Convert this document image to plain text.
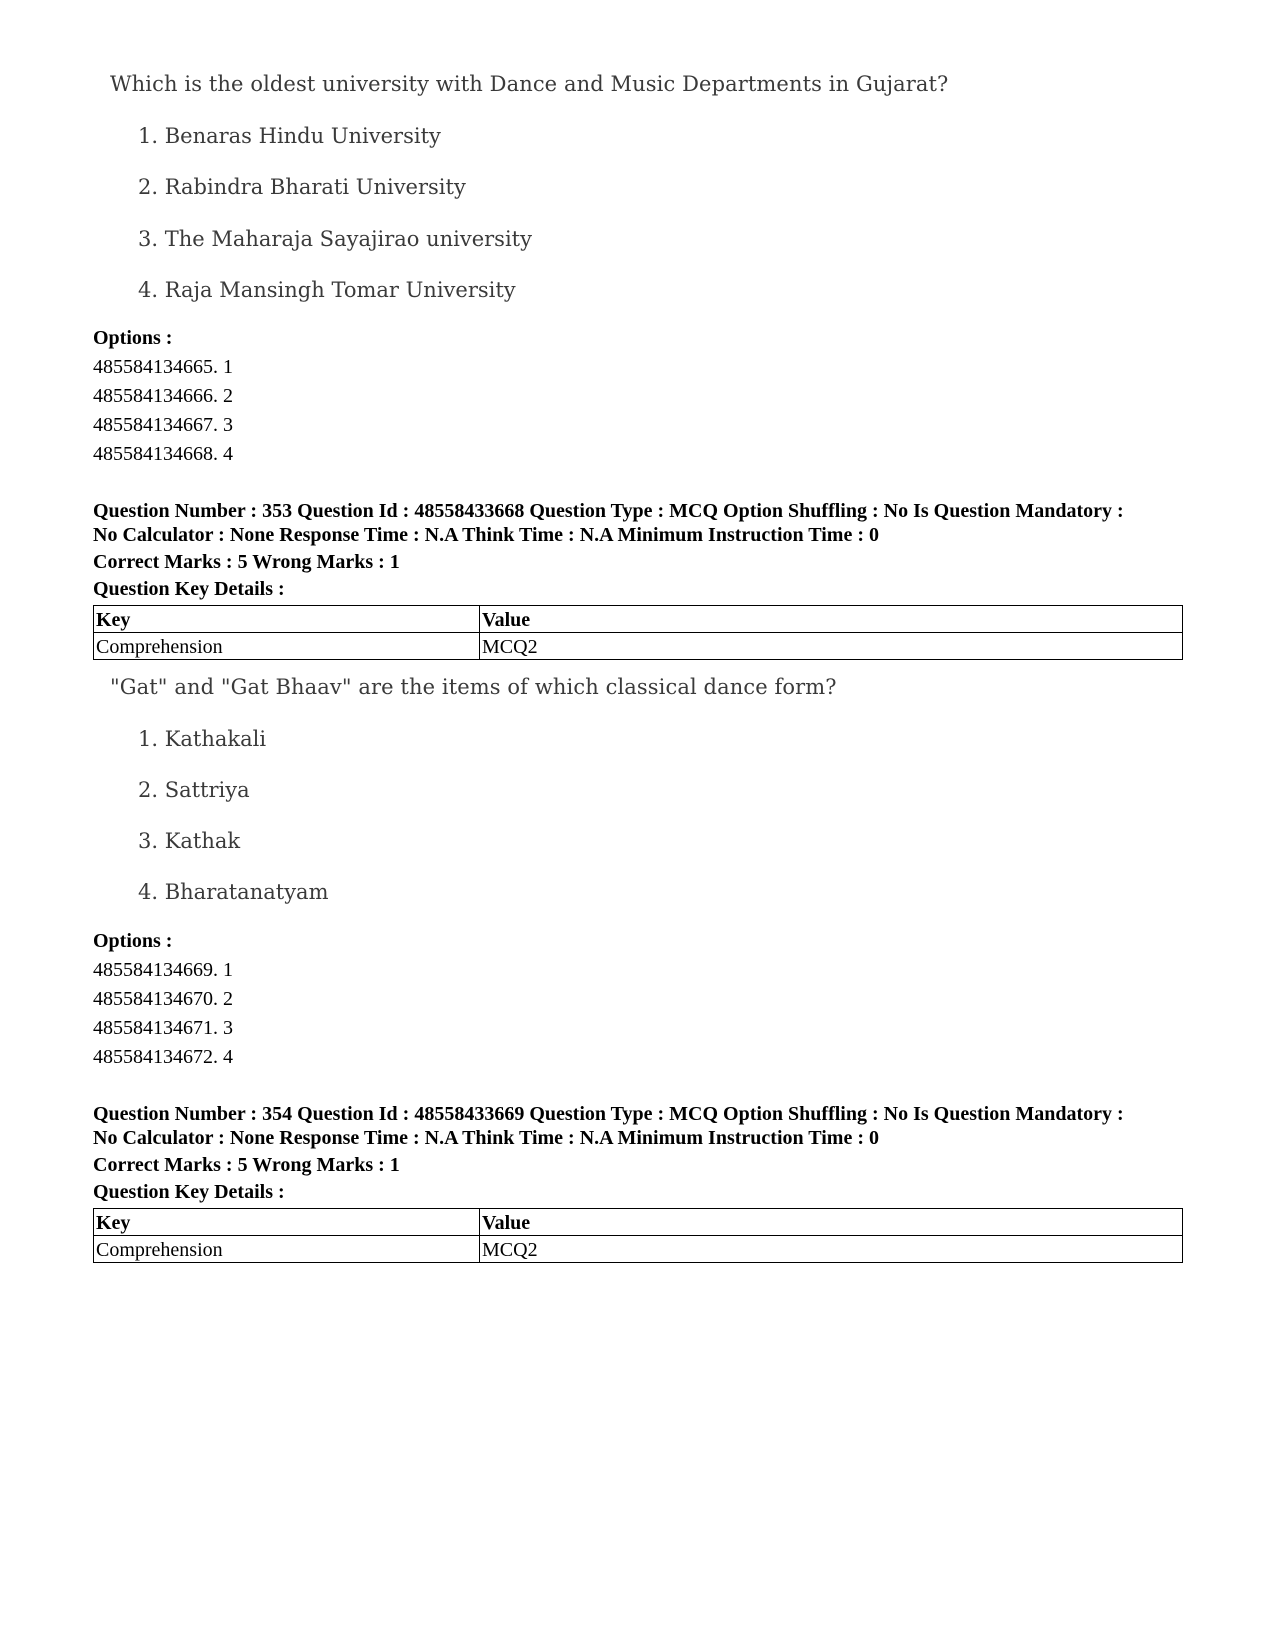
Which is the oldest university with Dance and Music Departments in Gujarat?

1. Benaras Hindu University
2. Rabindra Bharati University
3. The Maharaja Sayajirao university
4. Raja Mansingh Tomar University

Options :

485584134665. 1

485584134666. 2

485584134667. 3

485584134668. 4

Question Number : 353 Question Id : 48558433668 Question Type : MCQ Option Shuffling : No Is Question Mandatory :

No Calculator : None Response Time : N.A Think Time : N.A Minimum Instruction Time : 0

Correct Marks : 5 Wrong Marks : 1

Question Key Details :

Key	Value
Comprehension	MCQ2

"Gat" and "Gat Bhaav" are the items of which classical dance form?

1. Kathakali
2. Sattriya
3. Kathak
4. Bharatanatyam

Options :

485584134669. 1

485584134670. 2

485584134671. 3

485584134672. 4

Question Number : 354 Question Id : 48558433669 Question Type : MCQ Option Shuffling : No Is Question Mandatory :

No Calculator : None Response Time : N.A Think Time : N.A Minimum Instruction Time : 0

Correct Marks : 5 Wrong Marks : 1

Question Key Details :

Key	Value
Comprehension	MCQ2
